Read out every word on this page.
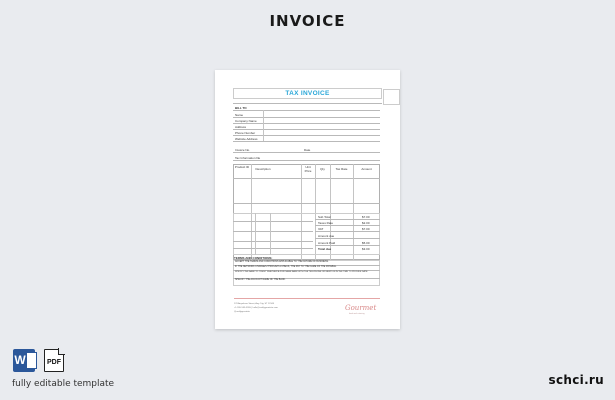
INVOICE
TAX INVOICE
BILL TO
Name
Company Name
Address
Phone Number
Website Address
Invoice No.	Date
Tax Information file
Product ID	Description	Unit Price	Qty	Tax Rate	Amount
Sub Total	$7.00
Taxes Rate	$2.00
VAT	$7.00
Amount due
Amount Paid	$5.00
Total due	$3.00
TERMS AND CONDITIONS:
ACCEPT THE TERMS AND CONDITIONS APPLICABLE TO THE NATURE OF BUSINESS.
IF THE NETWORK CHARGES THROUGH A CHECK, THE PAY TO THE NAME OF THE PAYABLE.
SPECIFY THE BANK TO CREDIT WHETHER A PURCHASE BANK WITH THE TELEPHONE OR MENTION IN THE TIME TO PROVIDE DATE.
SPECIFY THE ACCOUNT NAME OF THE BANK.
123 Anywhere Street, Any City, ST 12345
+1-555-555-5555 | hello@reallygreatsite.com
@reallygreatsite	Gourmet
food and catering
W	PDF
fully editable template	schci.ru
